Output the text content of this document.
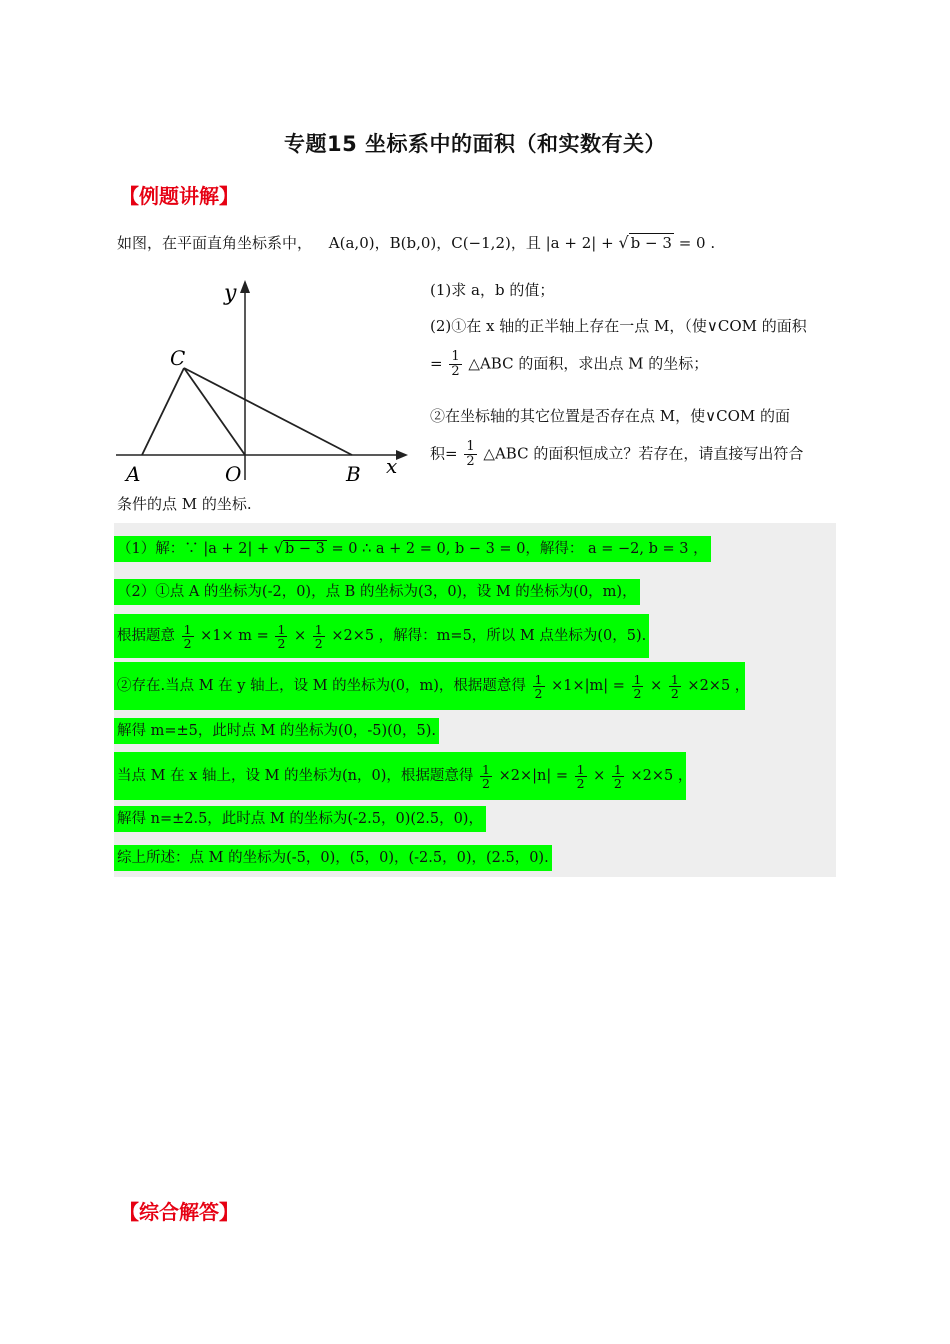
专题15 坐标系中的面积（和实数有关）
【例题讲解】
如图，在平面直角坐标系中， A(a,0)，B(b,0)，C(−1,2)，且 |a + 2| + √ b − 3 = 0 .
y
x
C
A	O	B
(1)求 a，b 的值；
(2)①在 x 轴的正半轴上存在一点 M，（使∨COM 的面积
= $\frac{1}{2}$ △ABC 的面积，求出点 M 的坐标；
②在坐标轴的其它位置是否存在点 M，使∨COM 的面
积= $\frac{1}{2}$ △ABC 的面积恒成立？若存在，请直接写出符合
条件的点 M 的坐标.
（1）解：∵ |a + 2| + √ b − 3 = 0 ∴ a + 2 = 0, b − 3 = 0，解得： a = −2, b = 3 ，
（2）①点 A 的坐标为(-2，0)，点 B 的坐标为(3，0)，设 M 的坐标为(0，m)，
根据题意 $\frac{1}{2} \times 1\times m = \frac{1}{2} \times \frac{1}{2} \times 2\times 5$ ，解得：m=5，所以 M 点坐标为(0，5).
②存在.当点 M 在 y 轴上，设 M 的坐标为(0，m)，根据题意得 $\frac{1}{2} \times 1\times|m| = \frac{1}{2} \times \frac{1}{2} \times 2\times 5$ ，
解得 m=±5，此时点 M 的坐标为(0，-5)(0，5).
当点 M 在 x 轴上，设 M 的坐标为(n，0)，根据题意得 $\frac{1}{2} \times 2\times|n| = \frac{1}{2} \times \frac{1}{2} \times 2\times 5$ ，
解得 n=±2.5，此时点 M 的坐标为(-2.5，0)(2.5，0)，
综上所述：点 M 的坐标为(-5，0)，(5，0)，(-2.5，0)，(2.5，0).
【综合解答】
